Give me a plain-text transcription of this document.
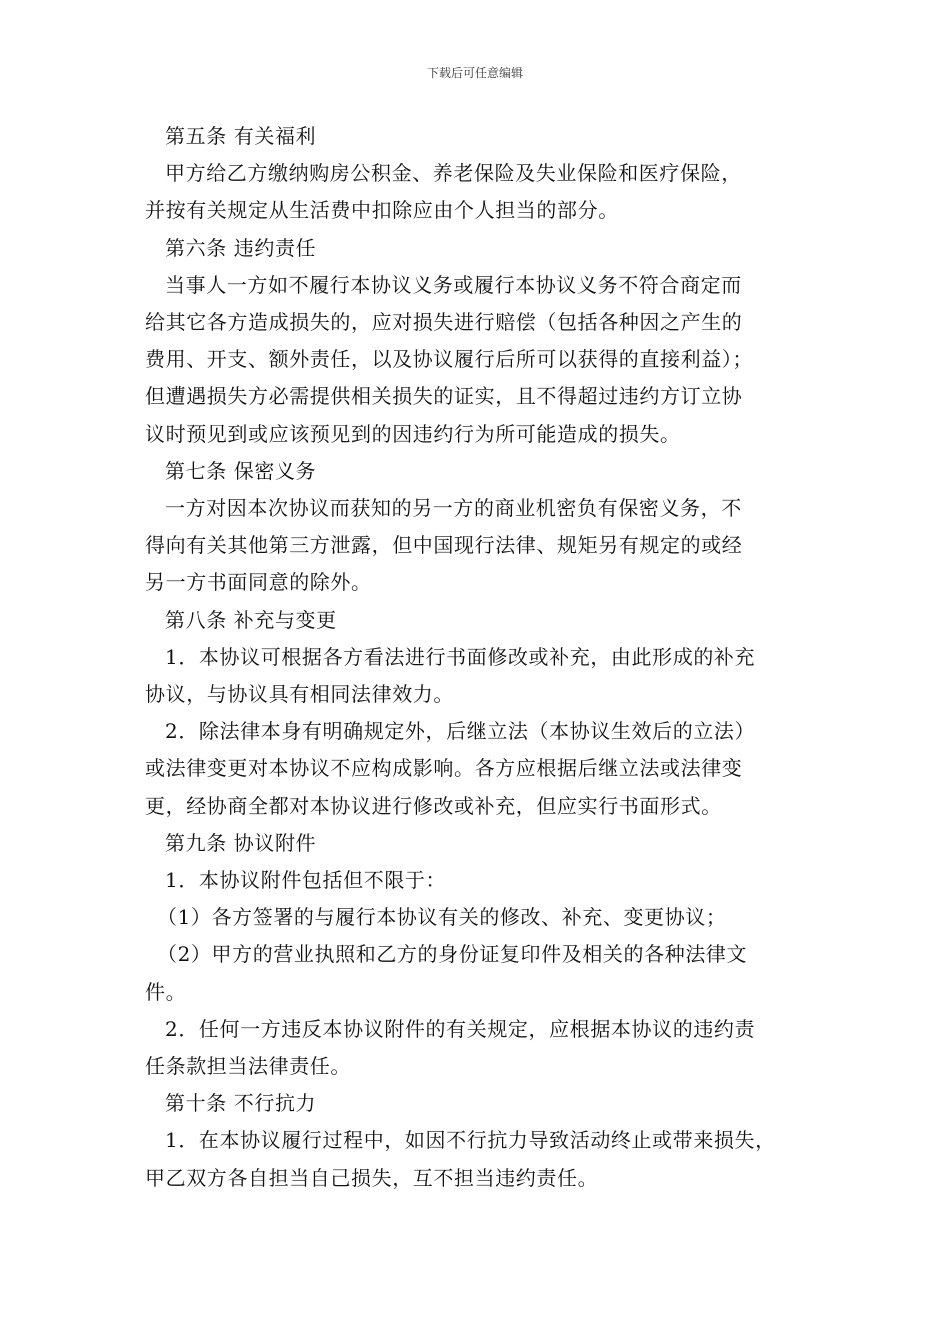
下载后可任意编辑
第五条 有关福利
甲方给乙方缴纳购房公积金、养老保险及失业保险和医疗保险，
并按有关规定从生活费中扣除应由个人担当的部分。
第六条 违约责任
当事人一方如不履行本协议义务或履行本协议义务不符合商定而
给其它各方造成损失的，应对损失进行赔偿（包括各种因之产生的
费用、开支、额外责任，以及协议履行后所可以获得的直接利益）；
但遭遇损失方必需提供相关损失的证实，且不得超过违约方订立协
议时预见到或应该预见到的因违约行为所可能造成的损失。
第七条 保密义务
一方对因本次协议而获知的另一方的商业机密负有保密义务，不
得向有关其他第三方泄露，但中国现行法律、规矩另有规定的或经
另一方书面同意的除外。
第八条 补充与变更
1．本协议可根据各方看法进行书面修改或补充，由此形成的补充
协议，与协议具有相同法律效力。
2．除法律本身有明确规定外，后继立法（本协议生效后的立法）
或法律变更对本协议不应构成影响。各方应根据后继立法或法律变
更，经协商全都对本协议进行修改或补充，但应实行书面形式。
第九条 协议附件
1．本协议附件包括但不限于：
（1）各方签署的与履行本协议有关的修改、补充、变更协议；
（2）甲方的营业执照和乙方的身份证复印件及相关的各种法律文
件。
2．任何一方违反本协议附件的有关规定，应根据本协议的违约责
任条款担当法律责任。
第十条 不行抗力
1．在本协议履行过程中，如因不行抗力导致活动终止或带来损失，
甲乙双方各自担当自己损失，互不担当违约责任。
